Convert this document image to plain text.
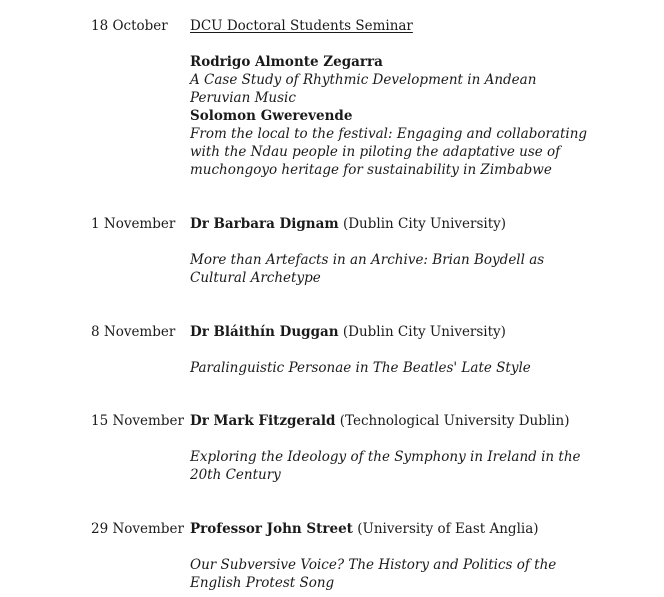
18 October DCU Doctoral Students Seminar
Rodrigo Almonte Zegarra
A Case Study of Rhythmic Development in Andean Peruvian Music
Solomon Gwerevende
From the local to the festival: Engaging and collaborating with the Ndau people in piloting the adaptative use of muchongoyo heritage for sustainability in Zimbabwe
1 November Dr Barbara Dignam (Dublin City University)
More than Artefacts in an Archive: Brian Boydell as Cultural Archetype
8 November Dr Bláithín Duggan (Dublin City University)
Paralinguistic Personae in The Beatles' Late Style
15 November Dr Mark Fitzgerald (Technological University Dublin)
Exploring the Ideology of the Symphony in Ireland in the 20th Century
29 November Professor John Street (University of East Anglia)
Our Subversive Voice? The History and Politics of the English Protest Song
